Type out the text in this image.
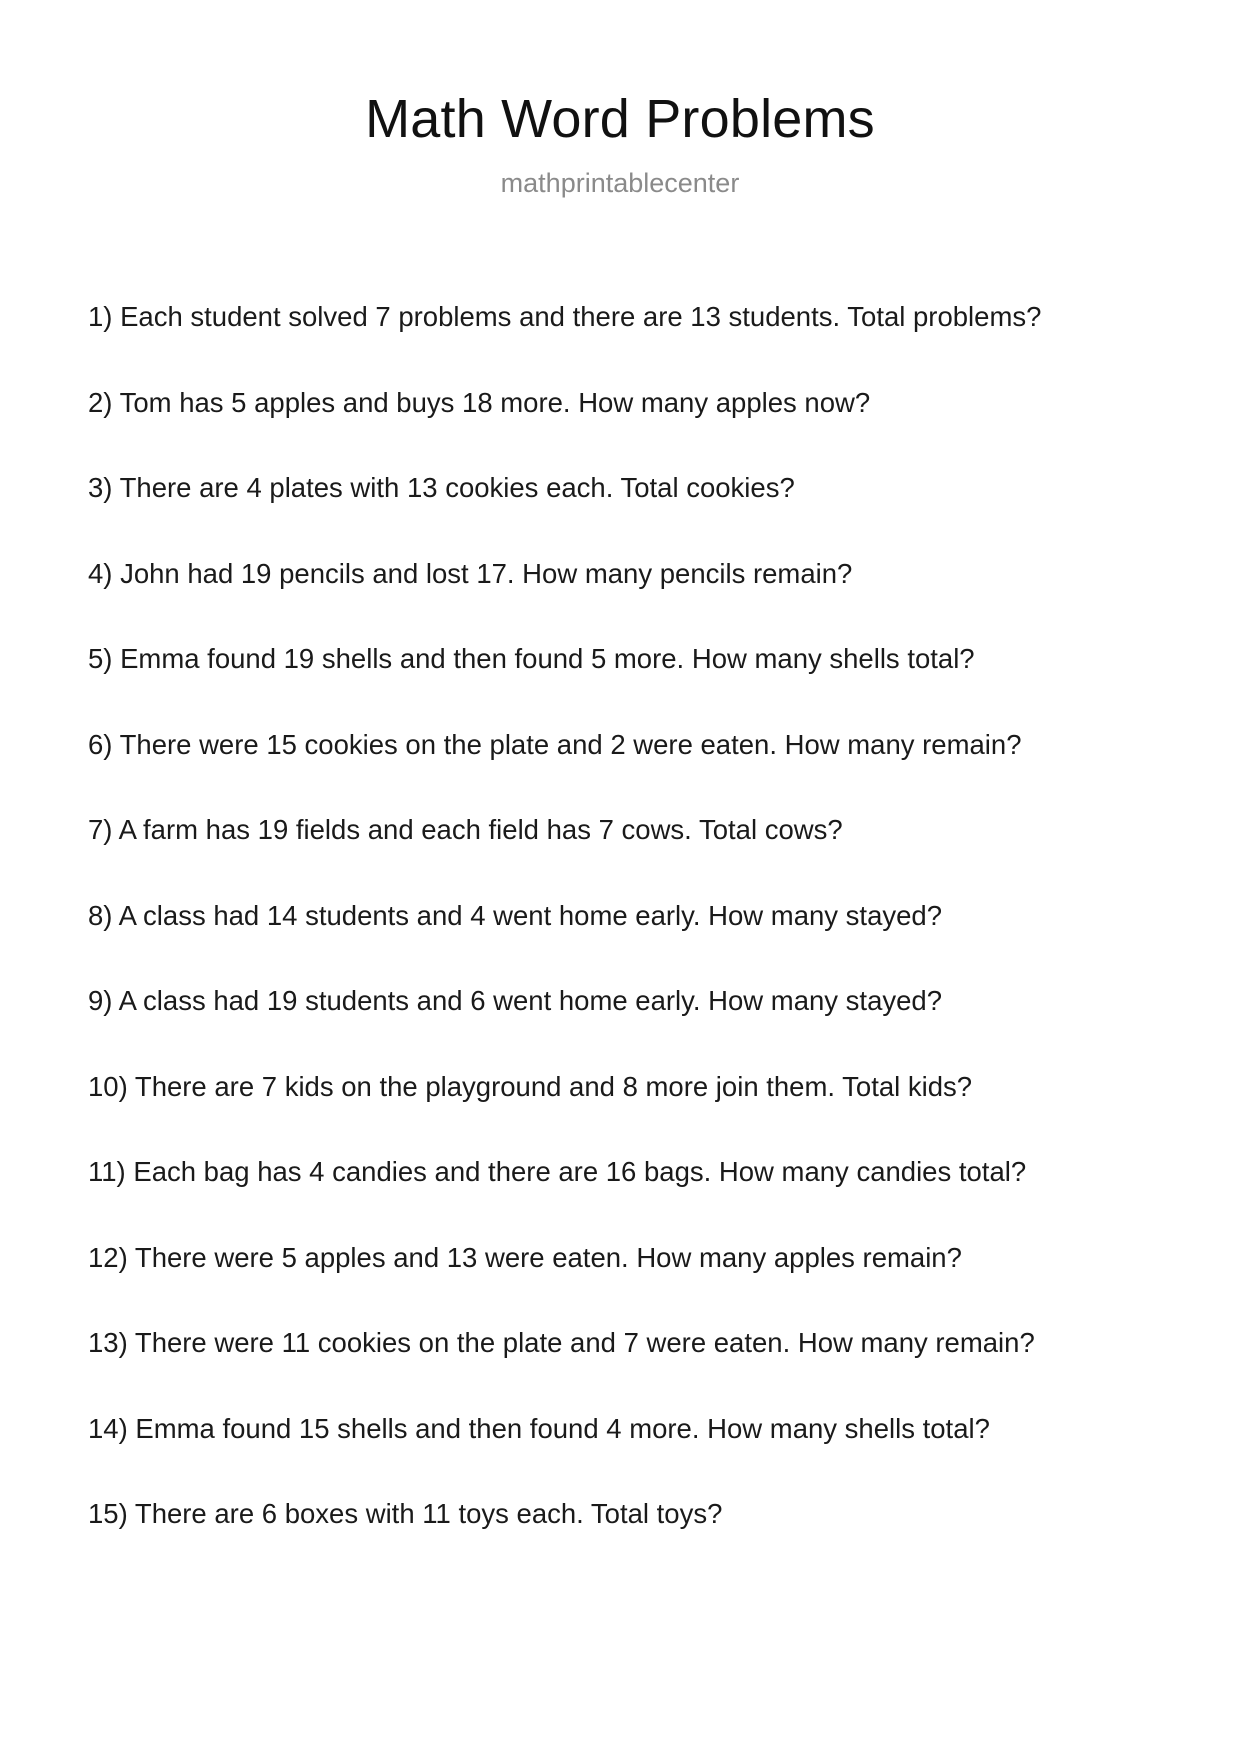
Math Word Problems
mathprintablecenter
1) Each student solved 7 problems and there are 13 students. Total problems?
2) Tom has 5 apples and buys 18 more. How many apples now?
3) There are 4 plates with 13 cookies each. Total cookies?
4) John had 19 pencils and lost 17. How many pencils remain?
5) Emma found 19 shells and then found 5 more. How many shells total?
6) There were 15 cookies on the plate and 2 were eaten. How many remain?
7) A farm has 19 fields and each field has 7 cows. Total cows?
8) A class had 14 students and 4 went home early. How many stayed?
9) A class had 19 students and 6 went home early. How many stayed?
10) There are 7 kids on the playground and 8 more join them. Total kids?
11) Each bag has 4 candies and there are 16 bags. How many candies total?
12) There were 5 apples and 13 were eaten. How many apples remain?
13) There were 11 cookies on the plate and 7 were eaten. How many remain?
14) Emma found 15 shells and then found 4 more. How many shells total?
15) There are 6 boxes with 11 toys each. Total toys?
